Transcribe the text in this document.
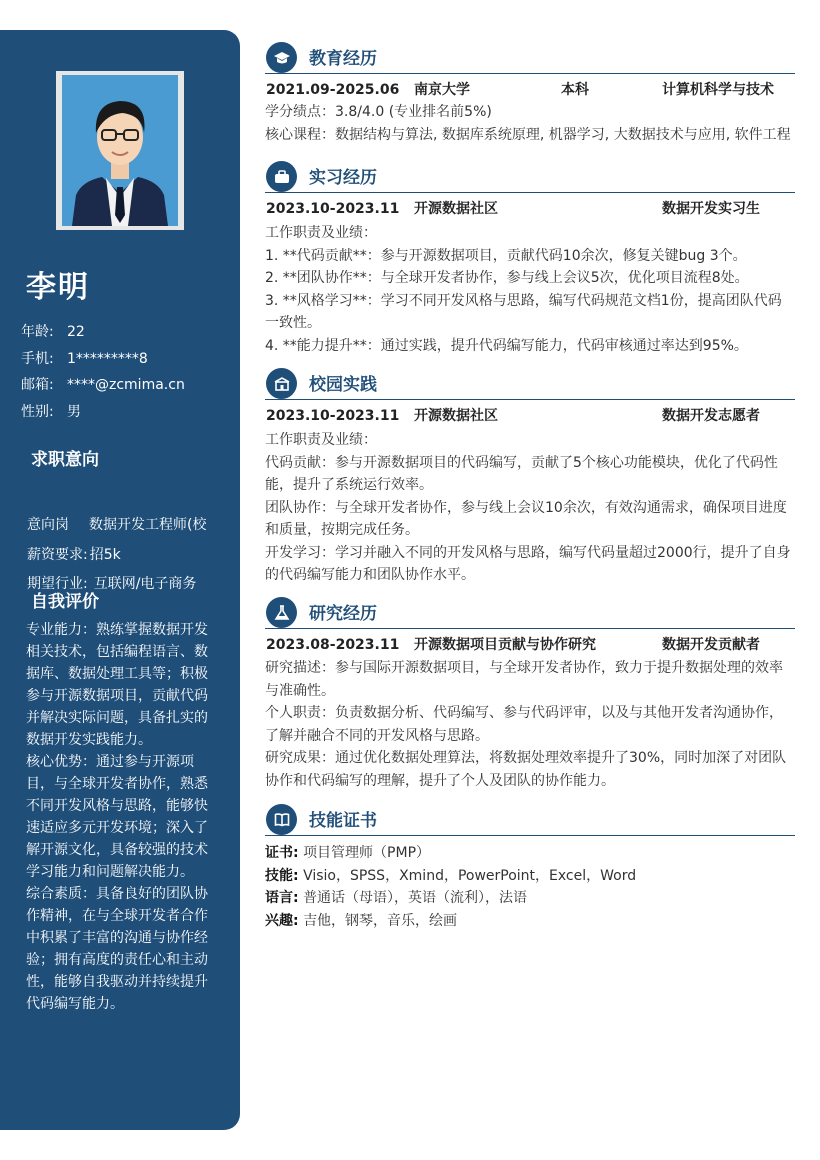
李明
年龄: 22
手机: 1*********8
邮箱: ****@zcmima.cn
性别: 男
求职意向
意向岗	数据开发工程师(校
薪资要求: 招5k
期望行业: 互联网/电子商务
自我评价

专业能力：熟练掌握数据开发相关技术，包括编程语言、数据库、数据处理工具等；积极参与开源数据项目，贡献代码并解决实际问题，具备扎实的数据开发实践能力。

核心优势：通过参与开源项目，与全球开发者协作，熟悉不同开发风格与思路，能够快速适应多元开发环境；深入了解开源文化，具备较强的技术学习能力和问题解决能力。

综合素质：具备良好的团队协作精神，在与全球开发者合作中积累了丰富的沟通与协作经验；拥有高度的责任心和主动性，能够自我驱动并持续提升代码编写能力。

教育经历
2021.09-2025.06 南京大学	本科	计算机科学与技术
学分绩点：3.8/4.0 (专业排名前5%)
核心课程：数据结构与算法, 数据库系统原理, 机器学习, 大数据技术与应用, 软件工程
实习经历
2023.10-2023.11 开源数据社区	数据开发实习生
工作职责及业绩：
1. **代码贡献**：参与开源数据项目，贡献代码10余次，修复关键bug 3个。
2. **团队协作**：与全球开发者协作，参与线上会议5次，优化项目流程8处。
3. **风格学习**：学习不同开发风格与思路，编写代码规范文档1份，提高团队代码一致性。
4. **能力提升**：通过实践，提升代码编写能力，代码审核通过率达到95%。
校园实践
2023.10-2023.11 开源数据社区	数据开发志愿者
工作职责及业绩：
代码贡献：参与开源数据项目的代码编写，贡献了5个核心功能模块，优化了代码性能，提升了系统运行效率。
团队协作：与全球开发者协作，参与线上会议10余次，有效沟通需求，确保项目进度和质量，按期完成任务。
开发学习：学习并融入不同的开发风格与思路，编写代码量超过2000行，提升了自身的代码编写能力和团队协作水平。
研究经历
2023.08-2023.11 开源数据项目贡献与协作研究	数据开发贡献者
研究描述：参与国际开源数据项目，与全球开发者协作，致力于提升数据处理的效率与准确性。
个人职责：负责数据分析、代码编写、参与代码评审，以及与其他开发者沟通协作，了解并融合不同的开发风格与思路。
研究成果：通过优化数据处理算法，将数据处理效率提升了30%，同时加深了对团队协作和代码编写的理解，提升了个人及团队的协作能力。
技能证书
证书: 项目管理师（PMP）
技能: Visio，SPSS，Xmind，PowerPoint，Excel，Word
语言: 普通话（母语），英语（流利），法语
兴趣: 吉他，钢琴，音乐，绘画
